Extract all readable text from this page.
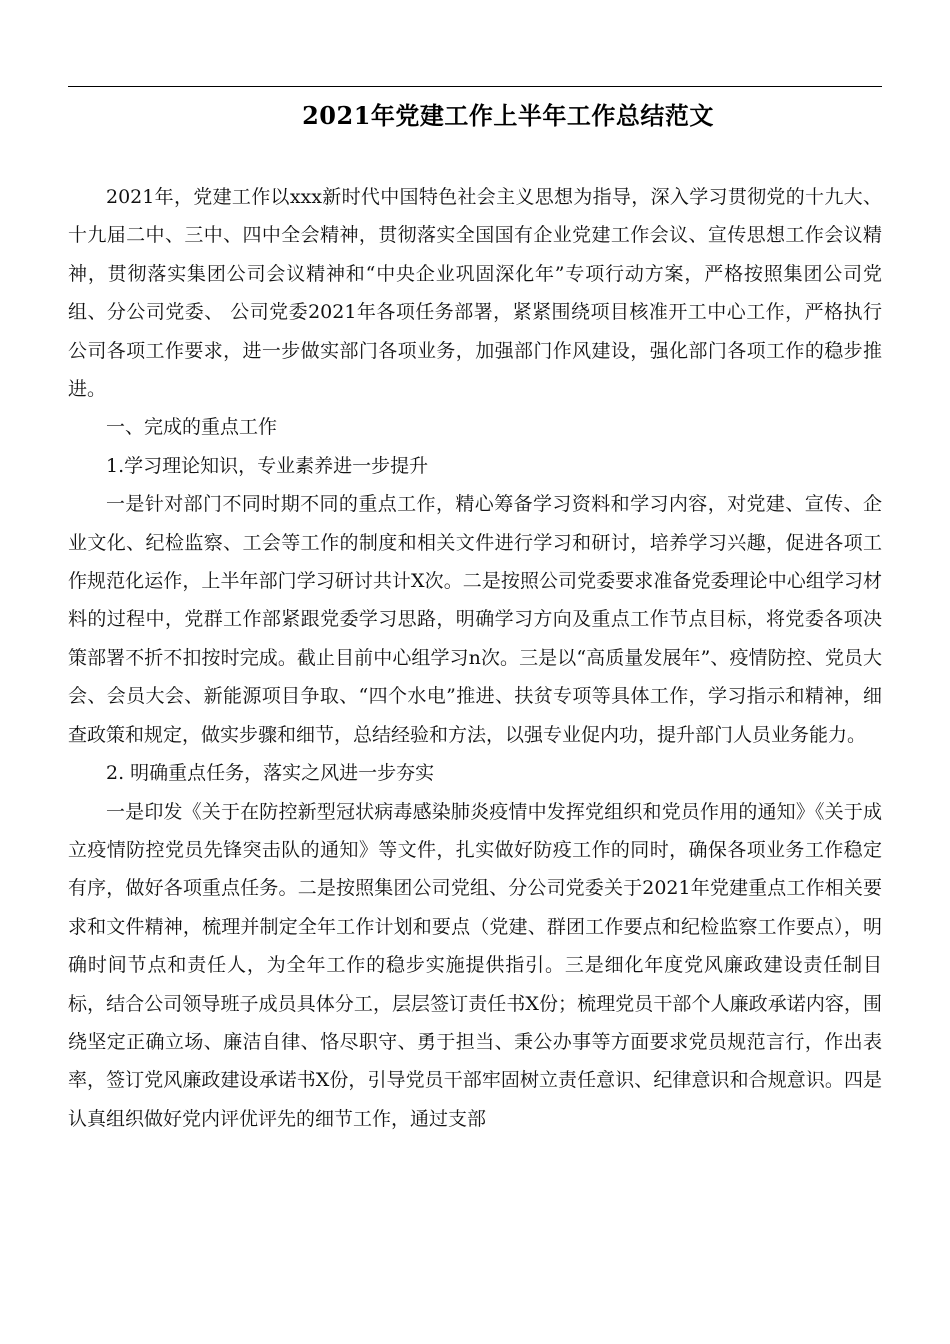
2021年党建工作上半年工作总结范文

2021年，党建工作以xxx新时代中国特色社会主义思想为指导，深入学习贯彻党的十九大、十九届二中、三中、四中全会精神，贯彻落实全国国有企业党建工作会议、宣传思想工作会议精神，贯彻落实集团公司会议精神和“中央企业巩固深化年”专项行动方案，严格按照集团公司党组、分公司党委、 公司党委2021年各项任务部署，紧紧围绕项目核准开工中心工作，严格执行公司各项工作要求，进一步做实部门各项业务，加强部门作风建设，强化部门各项工作的稳步推进。

一、完成的重点工作

1.学习理论知识，专业素养进一步提升

一是针对部门不同时期不同的重点工作，精心筹备学习资料和学习内容，对党建、宣传、企业文化、纪检监察、工会等工作的制度和相关文件进行学习和研讨，培养学习兴趣，促进各项工作规范化运作，上半年部门学习研讨共计X次。二是按照公司党委要求准备党委理论中心组学习材料的过程中，党群工作部紧跟党委学习思路，明确学习方向及重点工作节点目标，将党委各项决策部署不折不扣按时完成。截止目前中心组学习n次。三是以“高质量发展年”、疫情防控、党员大会、会员大会、新能源项目争取、“四个水电”推进、扶贫专项等具体工作，学习指示和精神，细查政策和规定，做实步骤和细节，总结经验和方法，以强专业促内功，提升部门人员业务能力。

2. 明确重点任务，落实之风进一步夯实

一是印发《关于在防控新型冠状病毒感染肺炎疫情中发挥党组织和党员作用的通知》《关于成立疫情防控党员先锋突击队的通知》等文件，扎实做好防疫工作的同时，确保各项业务工作稳定有序，做好各项重点任务。二是按照集团公司党组、分公司党委关于2021年党建重点工作相关要求和文件精神，梳理并制定全年工作计划和要点（党建、群团工作要点和纪检监察工作要点），明确时间节点和责任人，为全年工作的稳步实施提供指引。三是细化年度党风廉政建设责任制目标，结合公司领导班子成员具体分工，层层签订责任书X份；梳理党员干部个人廉政承诺内容，围绕坚定正确立场、廉洁自律、恪尽职守、勇于担当、秉公办事等方面要求党员规范言行，作出表率，签订党风廉政建设承诺书X份，引导党员干部牢固树立责任意识、纪律意识和合规意识。四是认真组织做好党内评优评先的细节工作，通过支部
